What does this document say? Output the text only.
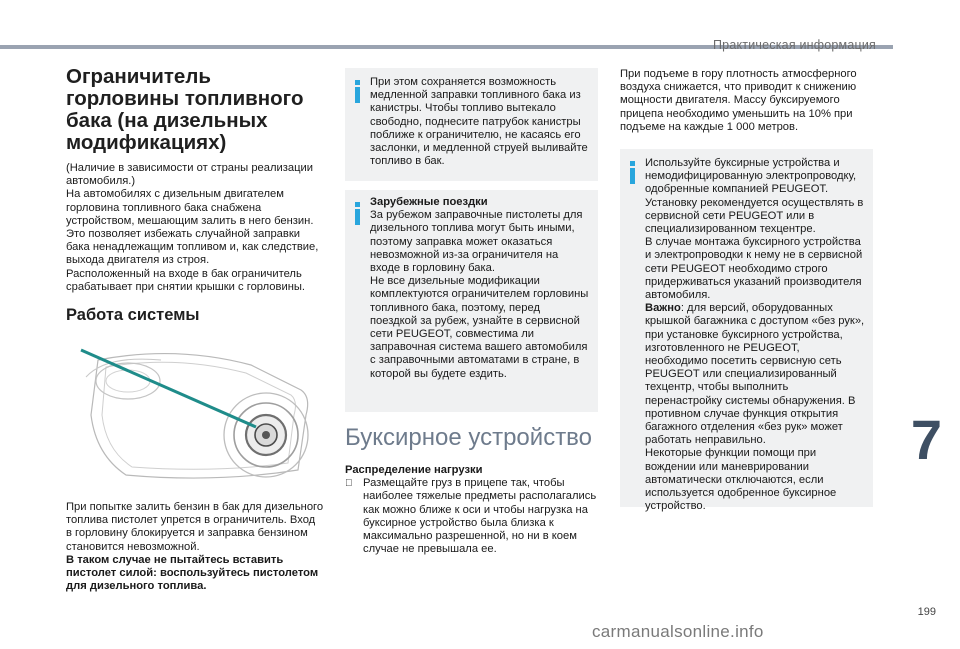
Практическая информация
7
199
carmanualsonline.info
Ограничитель горловины топливного бака (на дизельных модификациях)

(Наличие в зависимости от страны реализации автомобиля.)

На автомобилях с дизельным двигателем горловина топливного бака снабжена устройством, мешающим залить в него бензин. Это позволяет избежать случайной заправки бака ненадлежащим топливом и, как следствие, выхода двигателя из строя.

Расположенный на входе в бак ограничитель срабатывает при снятии крышки с горловины.

Работа системы

При попытке залить бензин в бак для дизельного топлива пистолет упрется в ограничитель. Вход в горловину блокируется и заправка бензином становится невозможной.

В таком случае не пытайтесь вставить пистолет силой: воспользуйтесь пистолетом для дизельного топлива.

При этом сохраняется возможность медленной заправки топливного бака из канистры. Чтобы топливо вытекало свободно, поднесите патрубок канистры поближе к ограничителю, не касаясь его заслонки, и медленной струей выливайте топливо в бак.
Зарубежные поездки
За рубежом заправочные пистолеты для дизельного топлива могут быть иными, поэтому заправка может оказаться невозможной из-за ограничителя на входе в горловину бака.
Не все дизельные модификации комплектуются ограничителем горловины топливного бака, поэтому, перед поездкой за рубеж, узнайте в сервисной сети PEUGEOT, совместима ли заправочная система вашего автомобиля с заправочными автоматами в стране, в которой вы будете ездить.
Буксирное устройство
Распределение нагрузки
Размещайте груз в прицепе так, чтобы наиболее тяжелые предметы располагались как можно ближе к оси и чтобы нагрузка на буксирное устройство была близка к максимально разрешенной, но ни в коем случае не превышала ее.

При подъеме в гору плотность атмосферного воздуха снижается, что приводит к снижению мощности двигателя. Массу буксируемого прицепа необходимо уменьшить на 10% при подъеме на каждые 1 000 метров.

Используйте буксирные устройства и немодифицированную электропроводку, одобренные компанией PEUGEOT. Установку рекомендуется осуществлять в сервисной сети PEUGEOT или в специализированном техцентре.
В случае монтажа буксирного устройства и электропроводки к нему не в сервисной сети PEUGEOT необходимо строго придерживаться указаний производителя автомобиля.
Важно: для версий, оборудованных крышкой багажника с доступом «без рук», при установке буксирного устройства, изготовленного не PEUGEOT, необходимо посетить сервисную сеть PEUGEOT или специализированный техцентр, чтобы выполнить перенастройку системы обнаружения. В противном случае функция открытия багажного отделения «без рук» может работать неправильно.
Некоторые функции помощи при вождении или маневрировании автоматически отключаются, если используется одобренное буксирное устройство.
